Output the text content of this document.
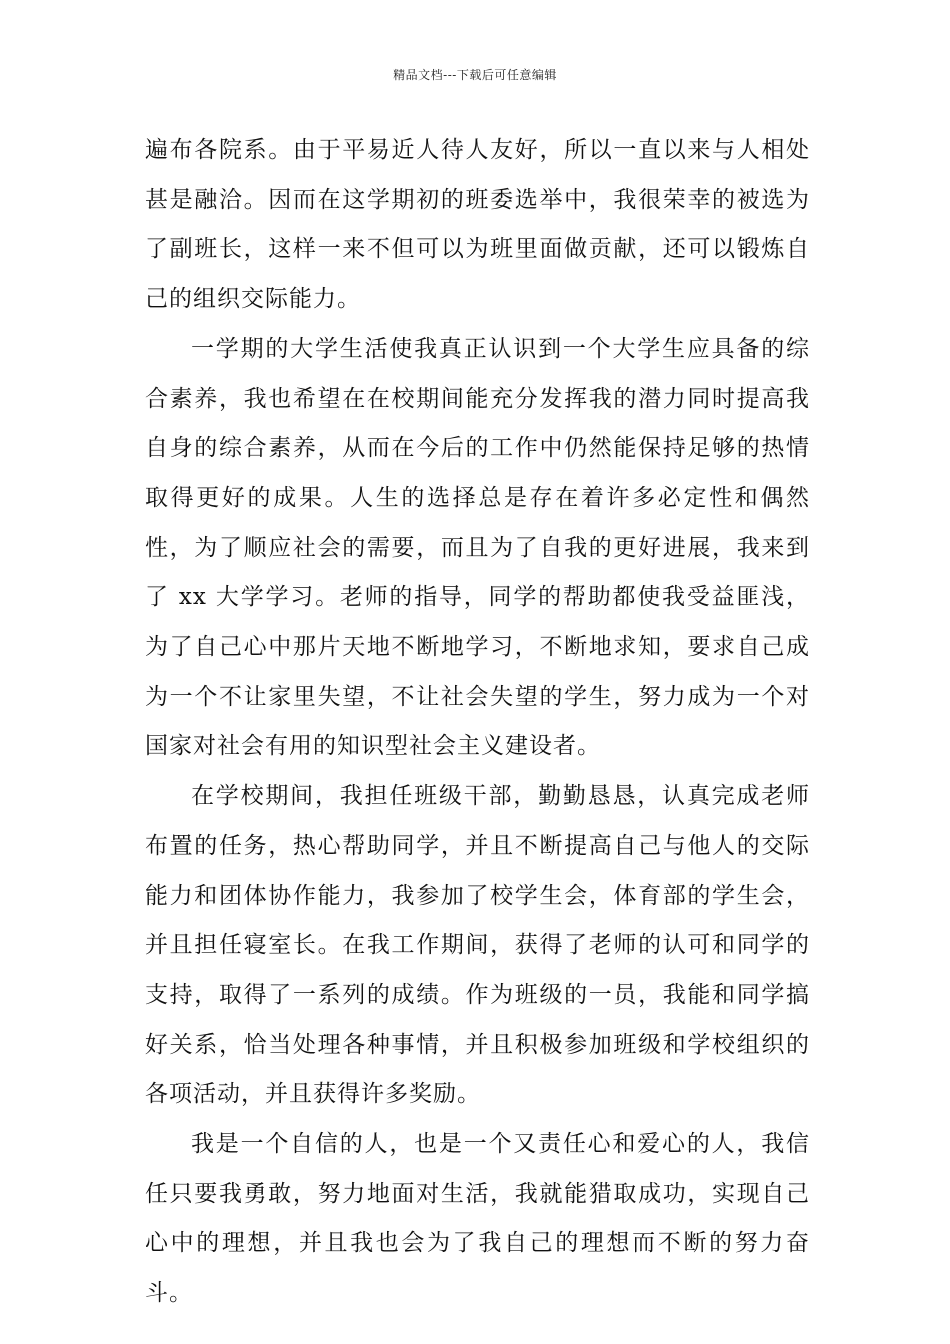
精品文档---下载后可任意编辑

遍布各院系。由于平易近人待人友好，所以一直以来与人相处甚是融洽。因而在这学期初的班委选举中，我很荣幸的被选为了副班长，这样一来不但可以为班里面做贡献，还可以锻炼自己的组织交际能力。

一学期的大学生活使我真正认识到一个大学生应具备的综合素养，我也希望在在校期间能充分发挥我的潜力同时提高我自身的综合素养，从而在今后的工作中仍然能保持足够的热情取得更好的成果。人生的选择总是存在着许多必定性和偶然性，为了顺应社会的需要，而且为了自我的更好进展，我来到了 xx 大学学习。老师的指导，同学的帮助都使我受益匪浅，为了自己心中那片天地不断地学习，不断地求知，要求自己成为一个不让家里失望，不让社会失望的学生，努力成为一个对国家对社会有用的知识型社会主义建设者。

在学校期间，我担任班级干部，勤勤恳恳，认真完成老师布置的任务，热心帮助同学，并且不断提高自己与他人的交际能力和团体协作能力，我参加了校学生会，体育部的学生会，并且担任寝室长。在我工作期间，获得了老师的认可和同学的支持，取得了一系列的成绩。作为班级的一员，我能和同学搞好关系，恰当处理各种事情，并且积极参加班级和学校组织的各项活动，并且获得许多奖励。

我是一个自信的人，也是一个又责任心和爱心的人，我信任只要我勇敢，努力地面对生活，我就能猎取成功，实现自己心中的理想，并且我也会为了我自己的理想而不断的努力奋斗。
